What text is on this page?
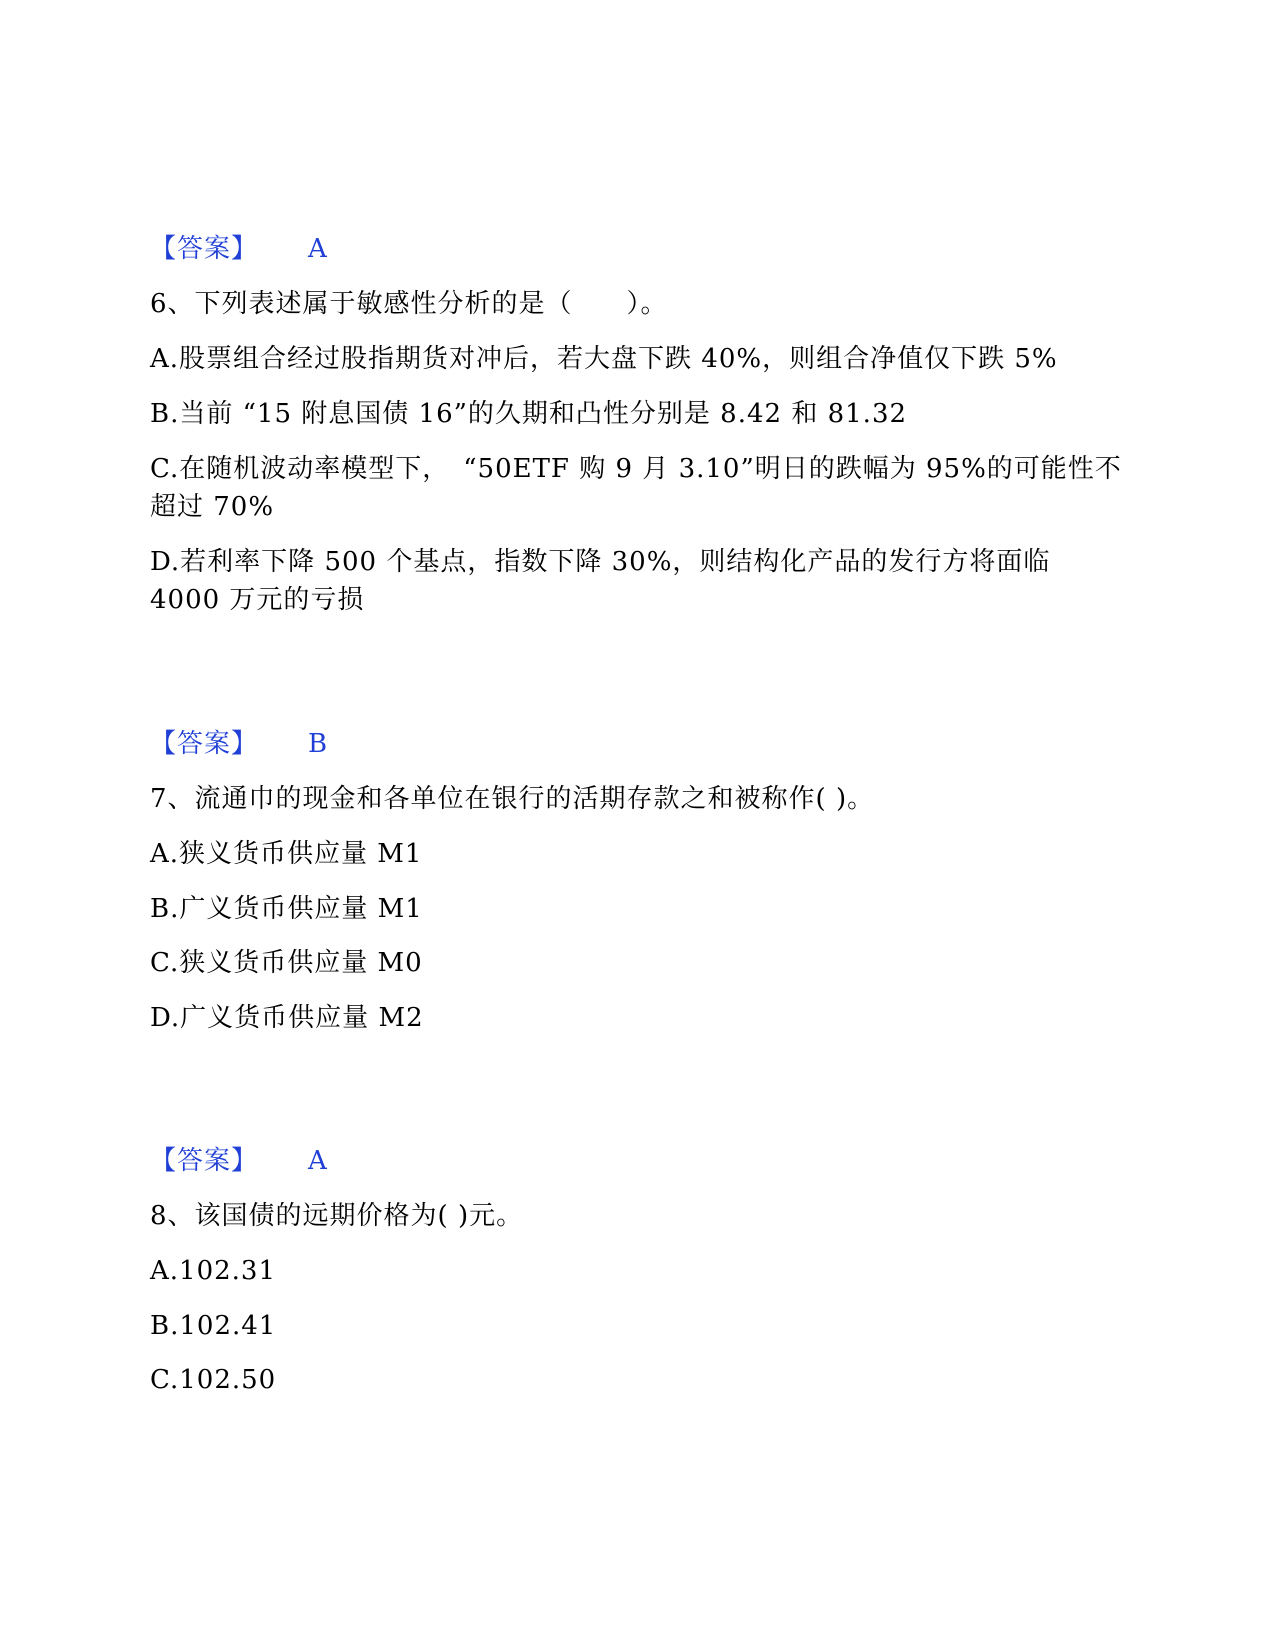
【答案】 A
6、下列表述属于敏感性分析的是（　　）。
A.股票组合经过股指期货对冲后，若大盘下跌 40%，则组合净值仅下跌 5%
B.当前 “15 附息国债 16”的久期和凸性分别是 8.42 和 81.32
C.在随机波动率模型下，　“50ETF 购 9 月 3.10”明日的跌幅为 95%的可能性不
超过 70%
D.若利率下降 500 个基点，指数下降 30%，则结构化产品的发行方将面临
4000 万元的亏损
【答案】 B
7、流通巾的现金和各单位在银行的活期存款之和被称作( )。
A.狭义货币供应量 M1
B.广义货币供应量 M1
C.狭义货币供应量 M0
D.广义货币供应量 M2
【答案】 A
8、该国债的远期价格为( )元。
A.102.31
B.102.41
C.102.50
